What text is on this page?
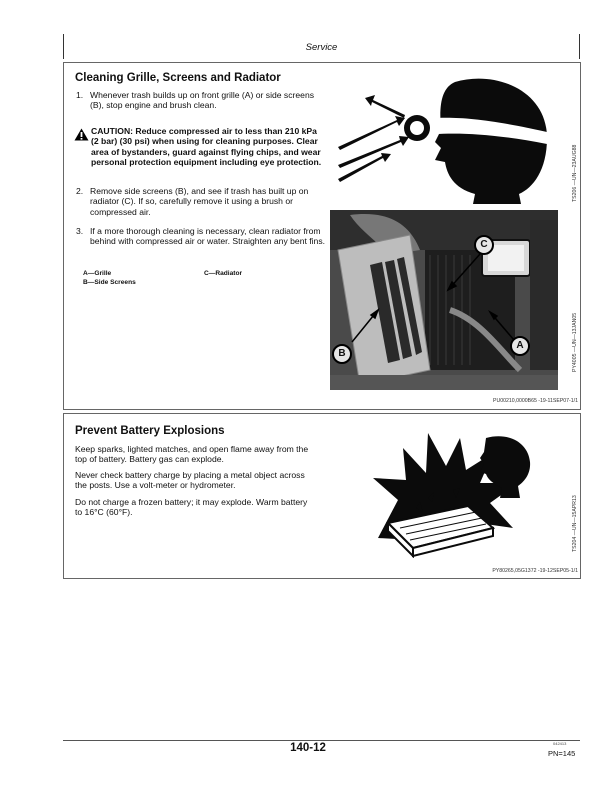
Service
Cleaning Grille, Screens and Radiator
1. Whenever trash builds up on front grille (A) or side screens (B), stop engine and brush clean.
CAUTION: Reduce compressed air to less than 210 kPa (2 bar) (30 psi) when using for cleaning purposes. Clear area of bystanders, guard against flying chips, and wear personal protection equipment including eye protection.
2. Remove side screens (B), and see if trash has built up on radiator (C). If so, carefully remove it using a brush or compressed air.
3. If a more thorough cleaning is necessary, clean radiator from behind with compressed air or water. Straighten any bent fins.
A—Grille
B—Side Screens
C—Radiator
TS206 —UN—23AUG88
C
B
A	PY4005 —UN—13JAN05
PU00210,0000B65 -19-11SEP07-1/1
Prevent Battery Explosions
Keep sparks, lighted matches, and open flame away from the top of battery. Battery gas can explode.
Never check battery charge by placing a metal object across the posts. Use a volt-meter or hydrometer.
Do not charge a frozen battery; it may explode. Warm battery to 16°C (60°F).	TS204 —UN—15APR13
PY80265,05G1372 -19-12SEP05-1/1
140-12	042413
PN=145
